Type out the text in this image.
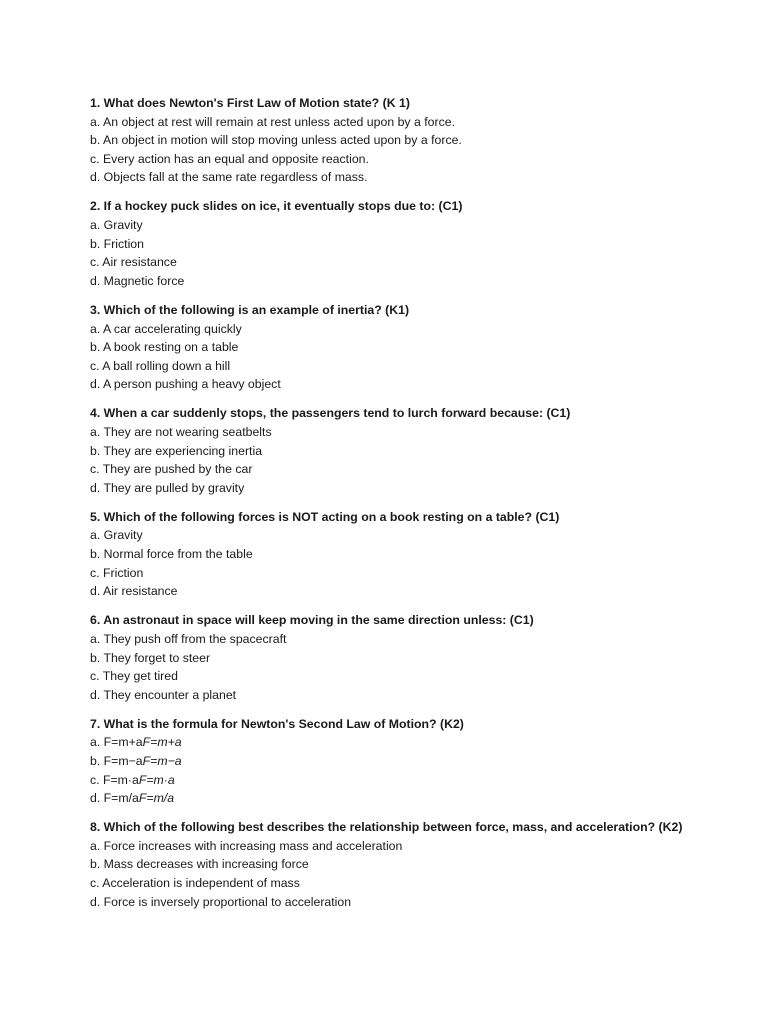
1. What does Newton's First Law of Motion state? (K 1)
a. An object at rest will remain at rest unless acted upon by a force.
b. An object in motion will stop moving unless acted upon by a force.
c. Every action has an equal and opposite reaction.
d. Objects fall at the same rate regardless of mass.
2. If a hockey puck slides on ice, it eventually stops due to: (C1)
a. Gravity
b. Friction
c. Air resistance
d. Magnetic force
3. Which of the following is an example of inertia? (K1)
a. A car accelerating quickly
b. A book resting on a table
c. A ball rolling down a hill
d. A person pushing a heavy object
4. When a car suddenly stops, the passengers tend to lurch forward because: (C1)
a. They are not wearing seatbelts
b. They are experiencing inertia
c. They are pushed by the car
d. They are pulled by gravity
5. Which of the following forces is NOT acting on a book resting on a table? (C1)
a. Gravity
b. Normal force from the table
c. Friction
d. Air resistance
6. An astronaut in space will keep moving in the same direction unless: (C1)
a. They push off from the spacecraft
b. They forget to steer
c. They get tired
d. They encounter a planet
7. What is the formula for Newton's Second Law of Motion? (K2)
a. F=m+aF=m+a
b. F=m−aF=m−a
c. F=m·aF=m·a
d. F=m/aF=m/a
8. Which of the following best describes the relationship between force, mass, and acceleration? (K2)
a. Force increases with increasing mass and acceleration
b. Mass decreases with increasing force
c. Acceleration is independent of mass
d. Force is inversely proportional to acceleration
